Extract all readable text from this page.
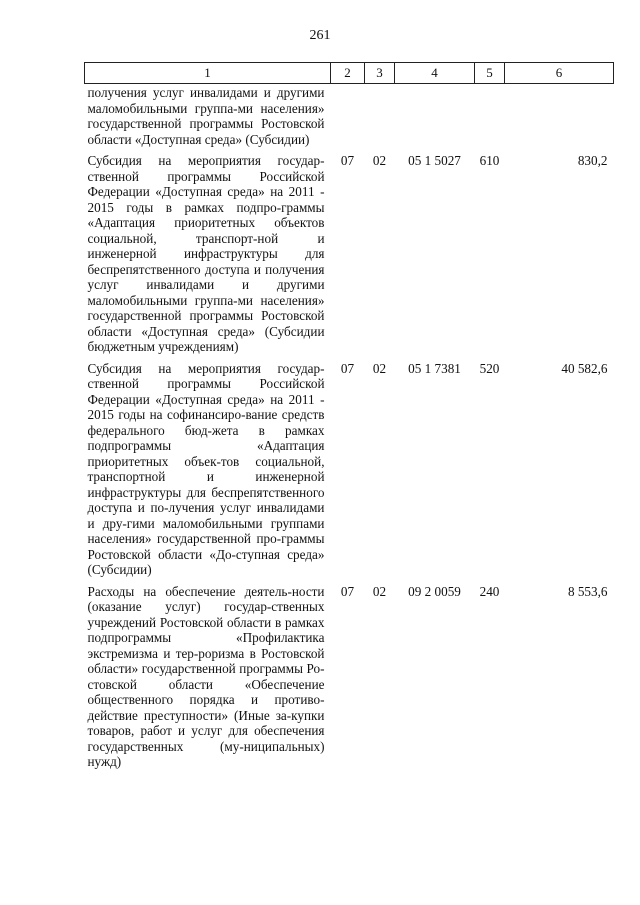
261
1	2	3	4	5	6
получения услуг инвалидами и другими маломобильными группа-ми населения» государственной программы Ростовской области «Доступная среда» (Субсидии)					
Субсидия на мероприятия государ-ственной программы Российской Федерации «Доступная среда» на 2011 - 2015 годы в рамках подпро-граммы «Адаптация приоритетных объектов социальной, транспорт-ной и инженерной инфраструктуры для беспрепятственного доступа и получения услуг инвалидами и другими маломобильными группа-ми населения» государственной программы Ростовской области «Доступная среда» (Субсидии бюджетным учреждениям)	07	02	05 1 5027	610	830,2
Субсидия на мероприятия государ-ственной программы Российской Федерации «Доступная среда» на 2011 - 2015 годы на софинансиро-вание средств федерального бюд-жета в рамках подпрограммы «Адаптация приоритетных объек-тов социальной, транспортной и инженерной инфраструктуры для беспрепятственного доступа и по-лучения услуг инвалидами и дру-гими маломобильными группами населения» государственной про-граммы Ростовской области «До-ступная среда» (Субсидии)	07	02	05 1 7381	520	40 582,6
Расходы на обеспечение деятель-ности (оказание услуг) государ-ственных учреждений Ростовской области в рамках подпрограммы «Профилактика экстремизма и тер-роризма в Ростовской области» государственной программы Ро-стовской области «Обеспечение общественного порядка и противо-действие преступности» (Иные за-купки товаров, работ и услуг для обеспечения государственных (му-ниципальных) нужд)	07	02	09 2 0059	240	8 553,6
